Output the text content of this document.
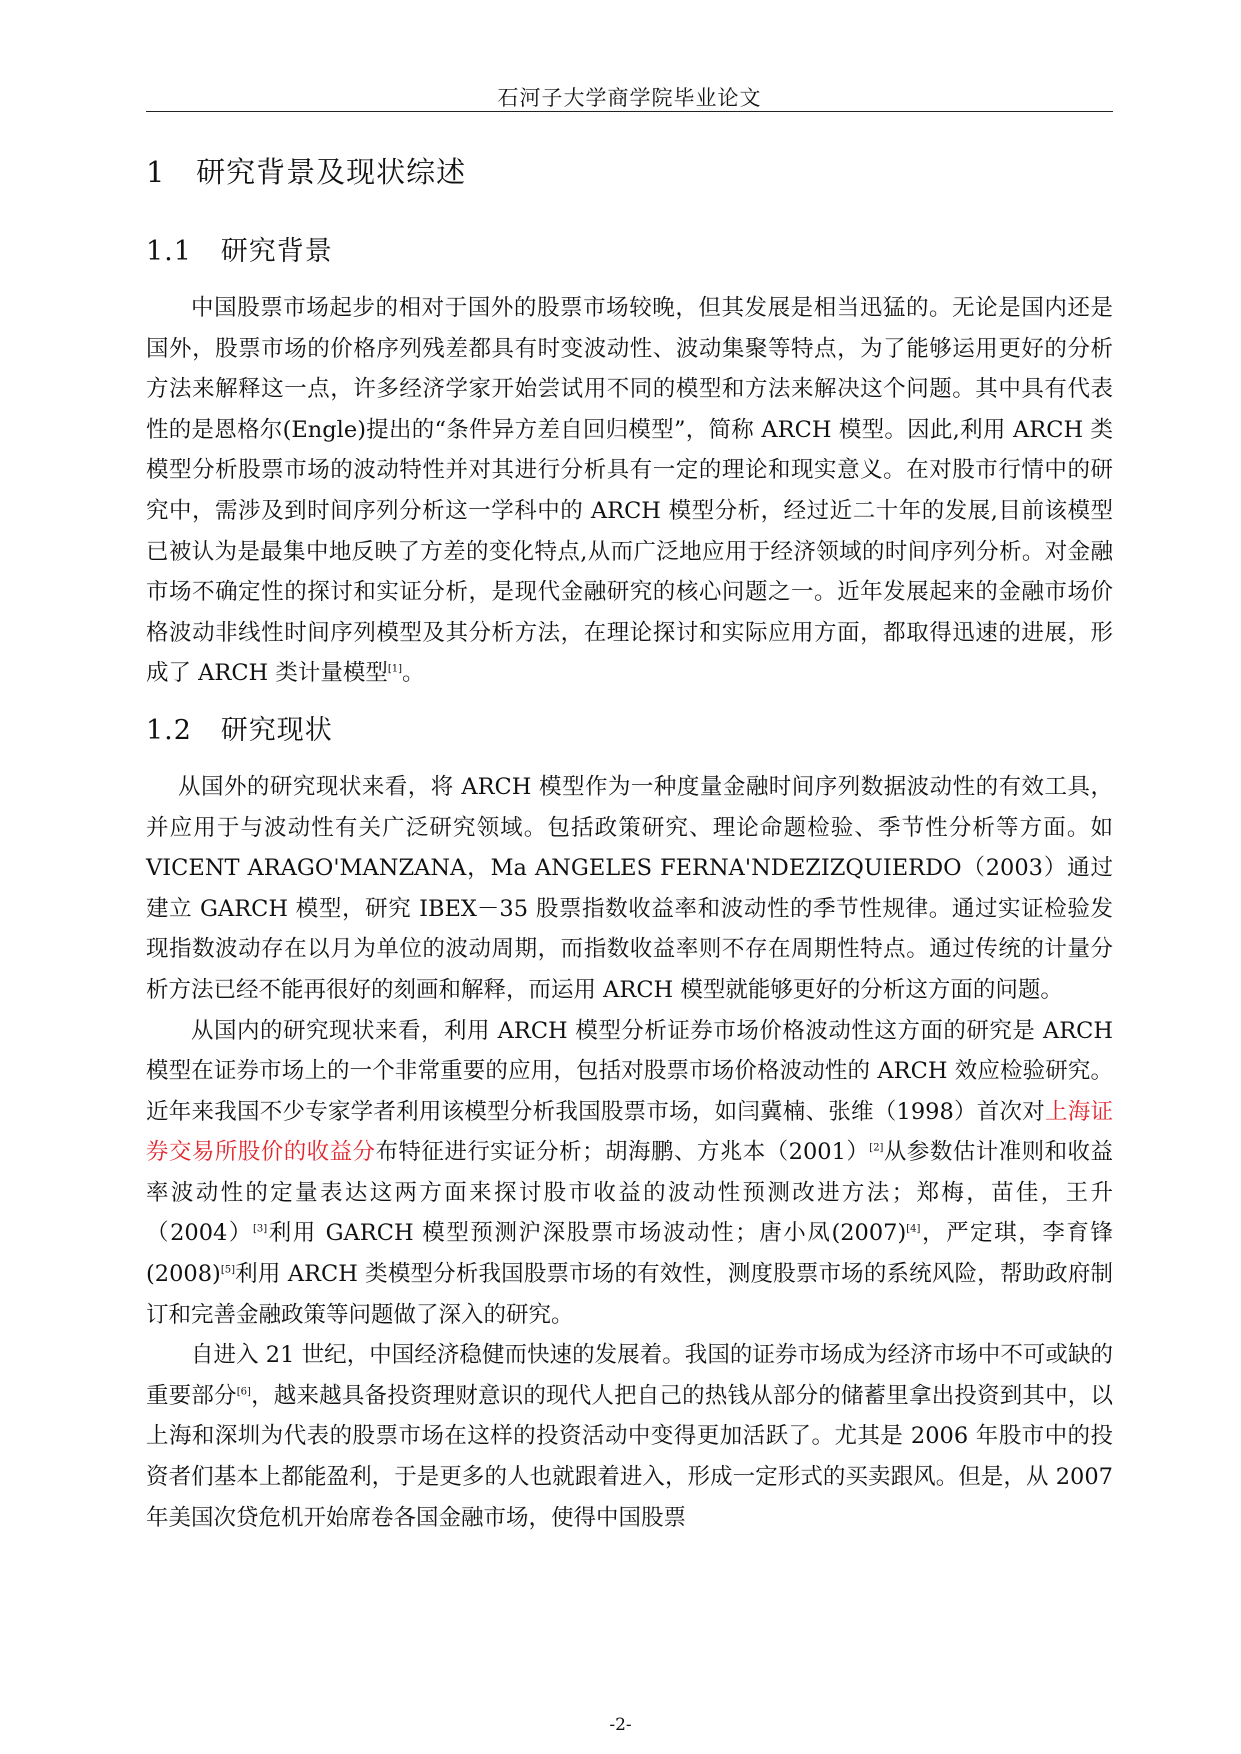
石河子大学商学院毕业论文
1 研究背景及现状综述
1.1 研究背景

中国股票市场起步的相对于国外的股票市场较晚，但其发展是相当迅猛的。无论是国内还是国外，股票市场的价格序列残差都具有时变波动性、波动集聚等特点，为了能够运用更好的分析方法来解释这一点，许多经济学家开始尝试用不同的模型和方法来解决这个问题。其中具有代表性的是恩格尔(Engle)提出的“条件异方差自回归模型”，简称 ARCH 模型。因此,利用 ARCH 类模型分析股票市场的波动特性并对其进行分析具有一定的理论和现实意义。在对股市行情中的研究中，需涉及到时间序列分析这一学科中的 ARCH 模型分析，经过近二十年的发展,目前该模型已被认为是最集中地反映了方差的变化特点,从而广泛地应用于经济领域的时间序列分析。对金融市场不确定性的探讨和实证分析，是现代金融研究的核心问题之一。近年发展起来的金融市场价格波动非线性时间序列模型及其分析方法，在理论探讨和实际应用方面，都取得迅速的进展，形成了 ARCH 类计量模型[1]。

1.2 研究现状

从国外的研究现状来看，将 ARCH 模型作为一种度量金融时间序列数据波动性的有效工具，并应用于与波动性有关广泛研究领域。包括政策研究、理论命题检验、季节性分析等方面。如 VICENT ARAGO'MANZANA，Ma ANGELES FERNA'NDEZIZQUIERDO（2003）通过建立 GARCH 模型，研究 IBEX－35 股票指数收益率和波动性的季节性规律。通过实证检验发现指数波动存在以月为单位的波动周期，而指数收益率则不存在周期性特点。通过传统的计量分析方法已经不能再很好的刻画和解释，而运用 ARCH 模型就能够更好的分析这方面的问题。

从国内的研究现状来看，利用 ARCH 模型分析证券市场价格波动性这方面的研究是 ARCH 模型在证券市场上的一个非常重要的应用，包括对股票市场价格波动性的 ARCH 效应检验研究。近年来我国不少专家学者利用该模型分析我国股票市场，如闫冀楠、张维（1998）首次对上海证券交易所股价的收益分布特征进行实证分析；胡海鹏、方兆本（2001）[2]从参数估计准则和收益率波动性的定量表达这两方面来探讨股市收益的波动性预测改进方法；郑梅，苗佳，王升（2004）[3]利用 GARCH 模型预测沪深股票市场波动性；唐小凤(2007)[4]，严定琪，李育锋(2008)[5]利用 ARCH 类模型分析我国股票市场的有效性，测度股票市场的系统风险，帮助政府制订和完善金融政策等问题做了深入的研究。

自进入 21 世纪，中国经济稳健而快速的发展着。我国的证券市场成为经济市场中不可或缺的重要部分[6]，越来越具备投资理财意识的现代人把自己的热钱从部分的储蓄里拿出投资到其中，以上海和深圳为代表的股票市场在这样的投资活动中变得更加活跃了。尤其是 2006 年股市中的投资者们基本上都能盈利，于是更多的人也就跟着进入，形成一定形式的买卖跟风。但是，从 2007 年美国次贷危机开始席卷各国金融市场，使得中国股票

-2-
